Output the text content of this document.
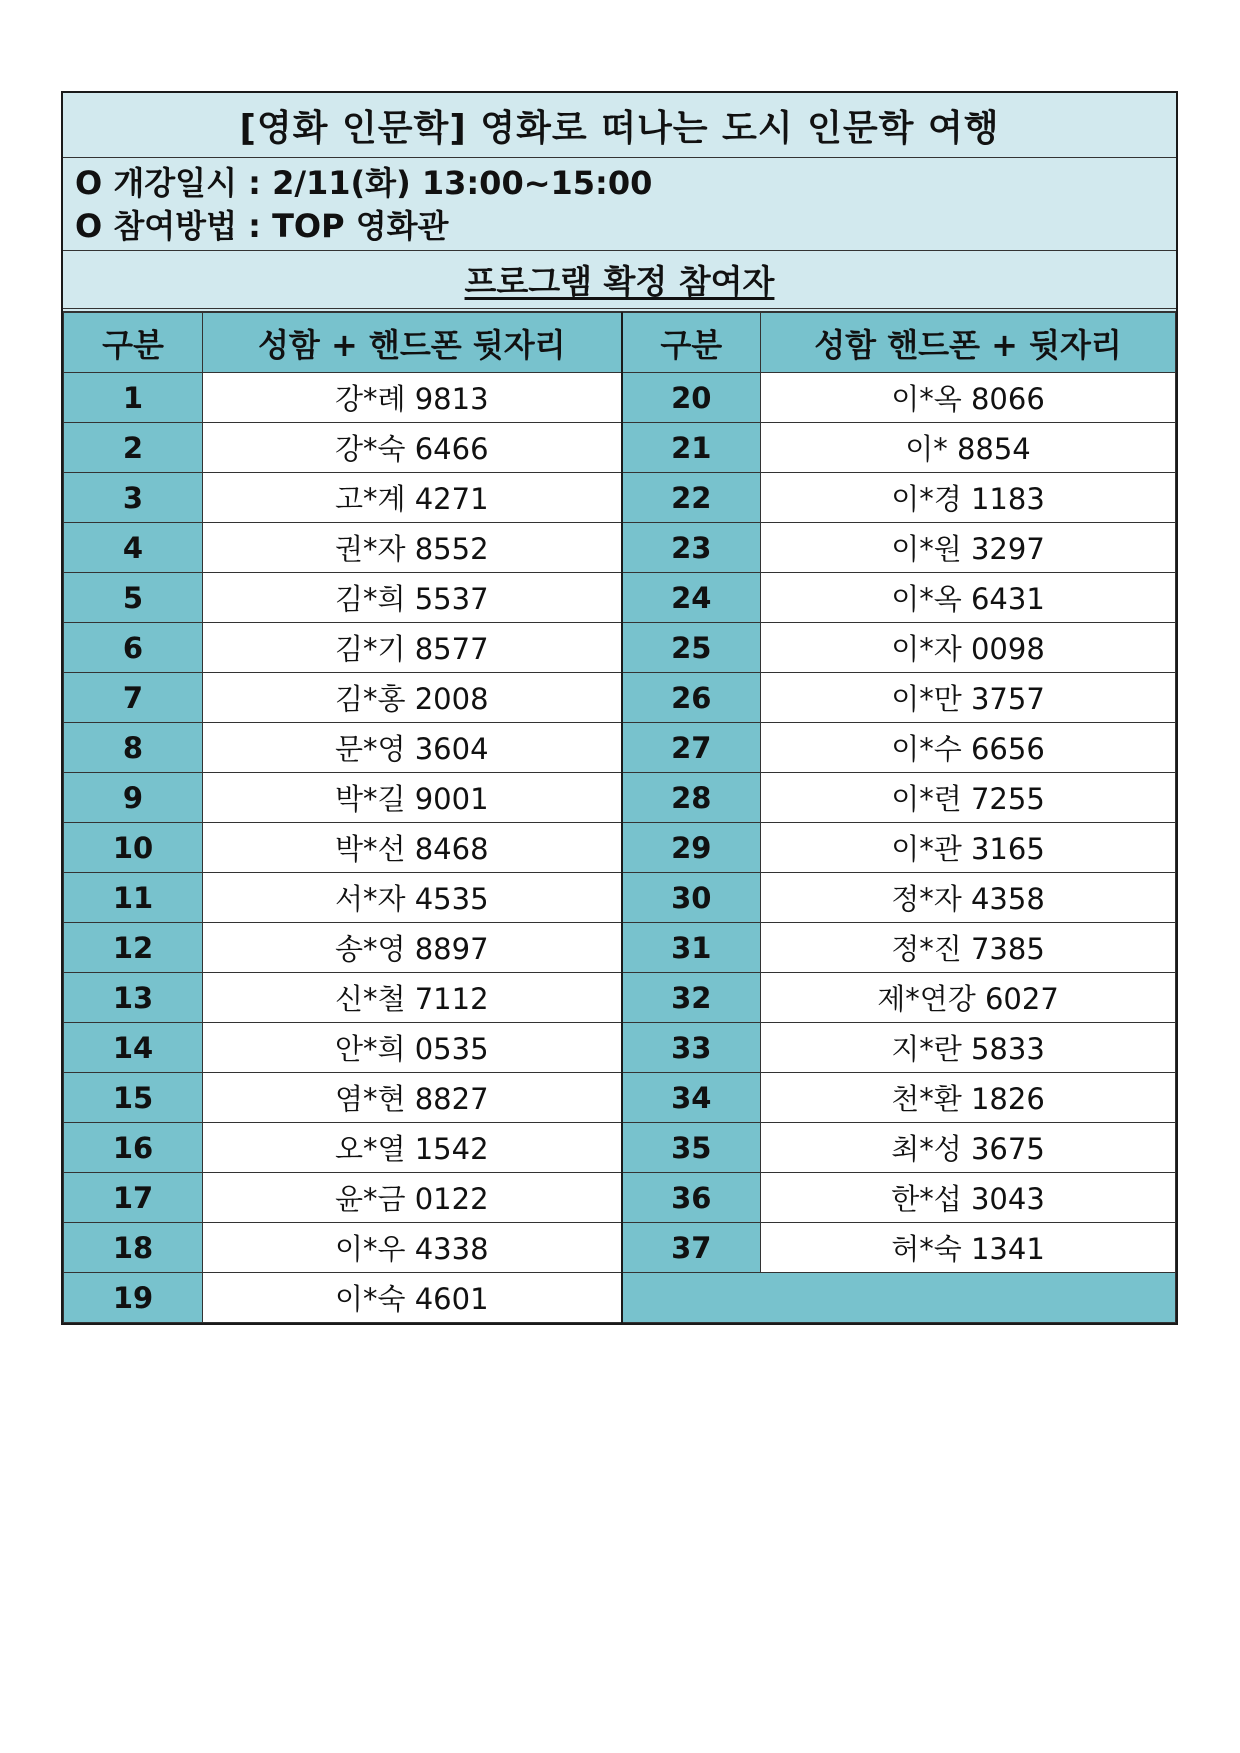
[영화 인문학] 영화로 떠나는 도시 인문학 여행
O 개강일시 : 2/11(화) 13:00~15:00
O 참여방법 : TOP 영화관
프로그램 확정 참여자
구분	성함 + 핸드폰 뒷자리	구분	성함 핸드폰 + 뒷자리
1	강*례 9813	20	이*옥 8066
2	강*숙 6466	21	이* 8854
3	고*계 4271	22	이*경 1183
4	권*자 8552	23	이*원 3297
5	김*희 5537	24	이*옥 6431
6	김*기 8577	25	이*자 0098
7	김*홍 2008	26	이*만 3757
8	문*영 3604	27	이*수 6656
9	박*길 9001	28	이*련 7255
10	박*선 8468	29	이*관 3165
11	서*자 4535	30	정*자 4358
12	송*영 8897	31	정*진 7385
13	신*철 7112	32	제*연강 6027
14	안*희 0535	33	지*란 5833
15	염*현 8827	34	천*환 1826
16	오*열 1542	35	최*성 3675
17	윤*금 0122	36	한*섭 3043
18	이*우 4338	37	허*숙 1341
19	이*숙 4601		
